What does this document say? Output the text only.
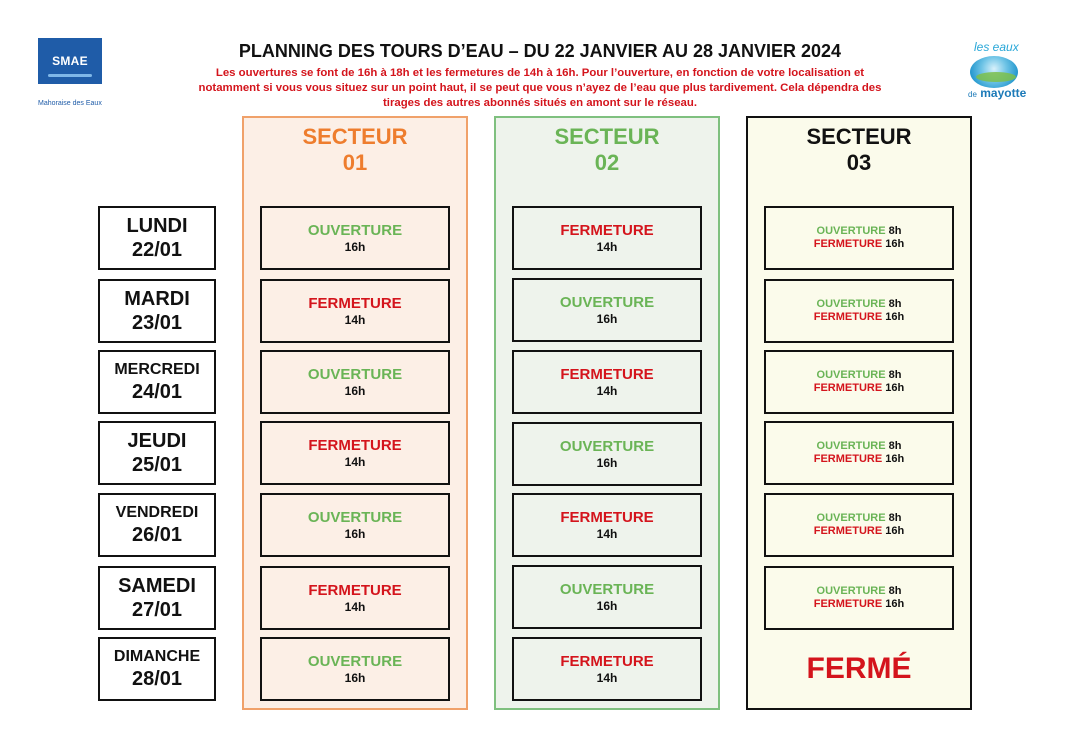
SMAE
Mahoraise des Eaux
les eaux
de mayotte
PLANNING DES TOURS D’EAU – DU 22 JANVIER AU 28 JANVIER 2024
Les ouvertures se font de 16h à 18h et les fermetures de 14h à 16h. Pour l’ouverture, en fonction de votre localisation et
notamment si vous vous situez sur un point haut, il se peut que vous n’ayez de l’eau que plus tardivement. Cela dépendra des
tirages des autres abonnés situés en amont sur le réseau.
SECTEUR
01
SECTEUR
02
SECTEUR
03
LUNDI
22/01
MARDI
23/01
MERCREDI
24/01
JEUDI
25/01
VENDREDI
26/01
SAMEDI
27/01
DIMANCHE
28/01
OUVERTURE
16h
FERMETURE
14h
OUVERTURE
16h
FERMETURE
14h
OUVERTURE
16h
FERMETURE
14h
OUVERTURE
16h
FERMETURE
14h
OUVERTURE
16h
FERMETURE
14h
OUVERTURE
16h
FERMETURE
14h
OUVERTURE
16h
FERMETURE
14h
OUVERTURE 8h
FERMETURE 16h
OUVERTURE 8h
FERMETURE 16h
OUVERTURE 8h
FERMETURE 16h
OUVERTURE 8h
FERMETURE 16h
OUVERTURE 8h
FERMETURE 16h
OUVERTURE 8h
FERMETURE 16h
FERMÉ
